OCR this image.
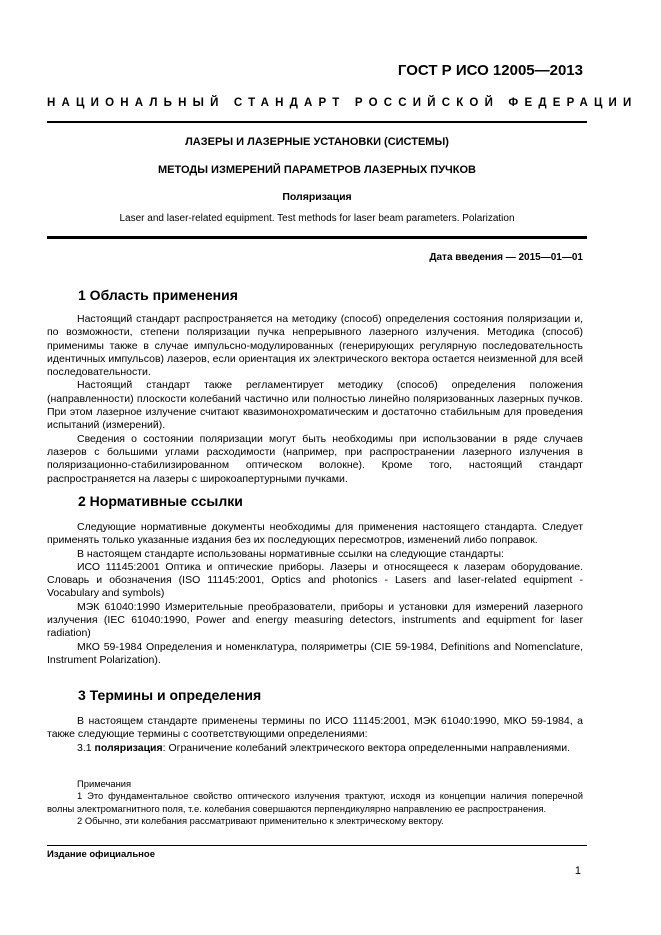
ГОСТ Р ИСО 12005—2013
НАЦИОНАЛЬНЫЙ СТАНДАРТ РОССИЙСКОЙ ФЕДЕРАЦИИ
ЛАЗЕРЫ И ЛАЗЕРНЫЕ УСТАНОВКИ (СИСТЕМЫ)
МЕТОДЫ ИЗМЕРЕНИЙ ПАРАМЕТРОВ ЛАЗЕРНЫХ ПУЧКОВ
Поляризация
Laser and laser-related equipment. Test methods for laser beam parameters. Polarization
Дата введения — 2015—01—01
1 Область применения

Настоящий стандарт распространяется на методику (способ) определения состояния поляризации и, по возможности, степени поляризации пучка непрерывного лазерного излучения. Методика (способ) применимы также в случае импульсно-модулированных (генерирующих регулярную последовательность идентичных импульсов) лазеров, если ориентация их электрического вектора остается неизменной для всей последовательности.

Настоящий стандарт также регламентирует методику (способ) определения положения (направленности) плоскости колебаний частично или полностью линейно поляризованных лазерных пучков. При этом лазерное излучение считают квазимонохроматическим и достаточно стабильным для проведения испытаний (измерений).

Сведения о состоянии поляризации могут быть необходимы при использовании в ряде случаев лазеров с большими углами расходимости (например, при распространении лазерного излучения в поляризационно-стабилизированном оптическом волокне). Кроме того, настоящий стандарт распространяется на лазеры с широкоапертурными пучками.

2 Нормативные ссылки

Следующие нормативные документы необходимы для применения настоящего стандарта. Следует применять только указанные издания без их последующих пересмотров, изменений либо поправок.

В настоящем стандарте использованы нормативные ссылки на следующие стандарты:

ИСО 11145:2001 Оптика и оптические приборы. Лазеры и относящееся к лазерам оборудование. Словарь и обозначения (ISO 11145:2001, Optics and photonics - Lasers and laser-related equipment - Vocabulary and symbols)

МЭК 61040:1990 Измерительные преобразователи, приборы и установки для измерений лазерного излучения (IEC 61040:1990, Power and energy measuring detectors, instruments and equipment for laser radiation)

МКО 59-1984 Определения и номенклатура, поляриметры (CIE 59-1984, Definitions and Nomenclature, Instrument Polarization).

3 Термины и определения

В настоящем стандарте применены термины по ИСО 11145:2001, МЭК 61040:1990, МКО 59-1984, а также следующие термины с соответствующими определениями:

3.1 поляризация: Ограничение колебаний электрического вектора определенными направлениями.

Примечания

1 Это фундаментальное свойство оптического излучения трактуют, исходя из концепции наличия поперечной волны электромагнитного поля, т.е. колебания совершаются перпендикулярно направлению ее распространения.

2 Обычно, эти колебания рассматривают применительно к электрическому вектору.

Издание официальное
1
